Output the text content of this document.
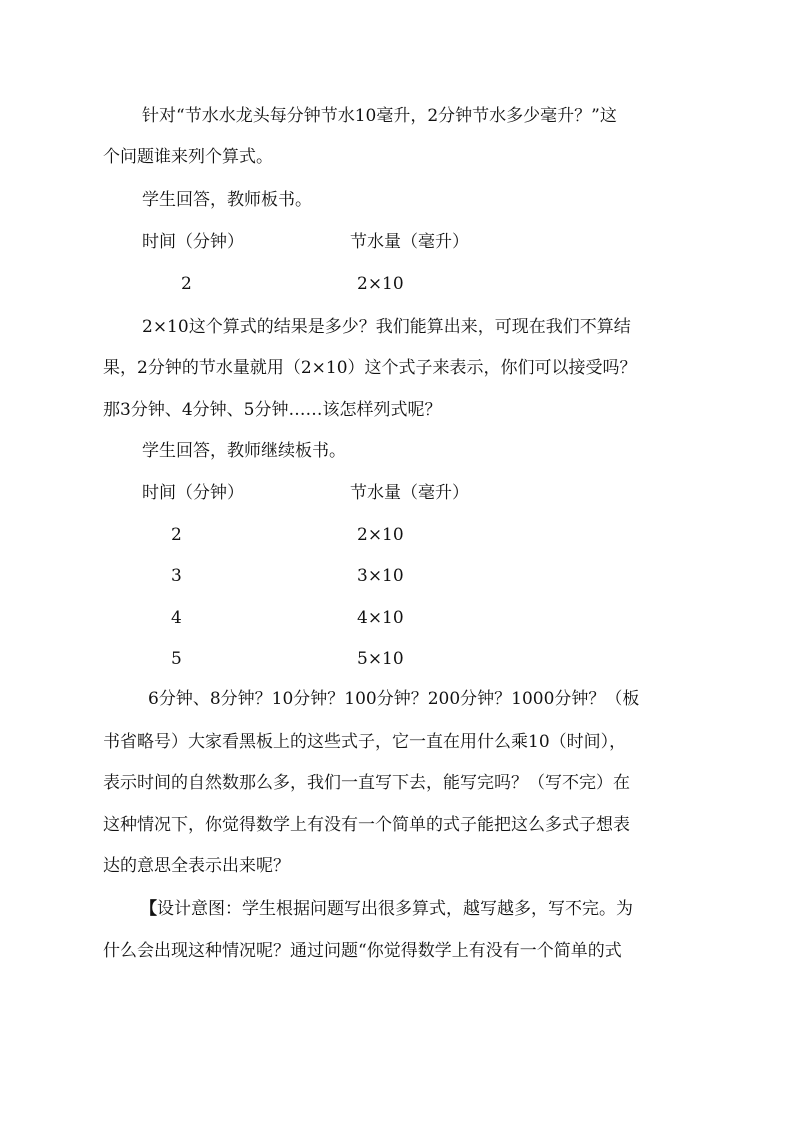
针对“节水水龙头每分钟节水10毫升，2分钟节水多少毫升？”这
个问题谁来列个算式。
学生回答，教师板书。
时间（分钟）	节水量（毫升）
2	2×10
2×10这个算式的结果是多少？我们能算出来，可现在我们不算结
果，2分钟的节水量就用（2×10）这个式子来表示，你们可以接受吗？
那3分钟、4分钟、5分钟……该怎样列式呢？
学生回答，教师继续板书。
时间（分钟）	节水量（毫升）
2	2×10
3	3×10
4	4×10
5	5×10
6分钟、8分钟？10分钟？100分钟？200分钟？1000分钟？（板
书省略号）大家看黑板上的这些式子，它一直在用什么乘10（时间），
表示时间的自然数那么多，我们一直写下去，能写完吗？（写不完）在
这种情况下，你觉得数学上有没有一个简单的式子能把这么多式子想表
达的意思全表示出来呢？
【设计意图：学生根据问题写出很多算式，越写越多，写不完。为
什么会出现这种情况呢？通过问题“你觉得数学上有没有一个简单的式
